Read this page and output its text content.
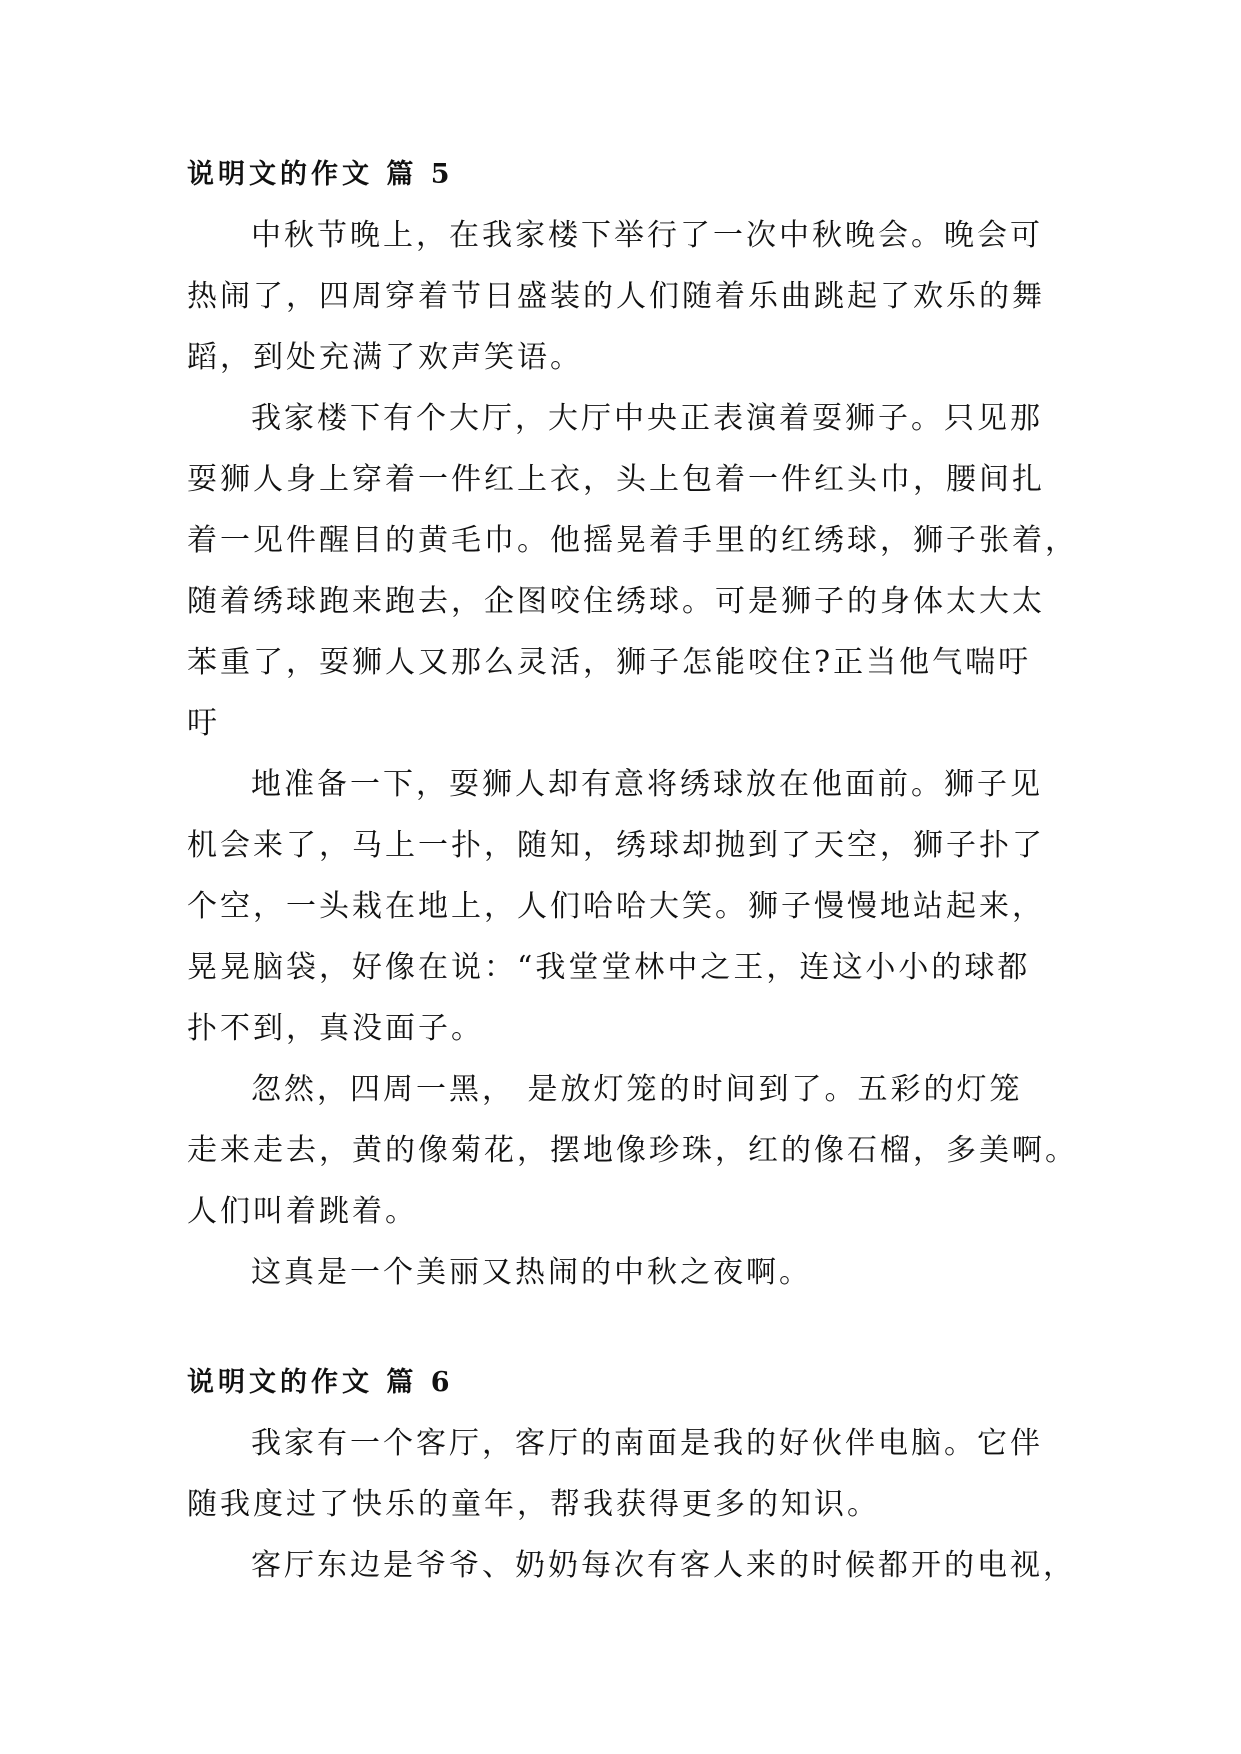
说明文的作文 篇 5

中秋节晚上，在我家楼下举行了一次中秋晚会。晚会可
热闹了，四周穿着节日盛装的人们随着乐曲跳起了欢乐的舞
蹈，到处充满了欢声笑语。

我家楼下有个大厅，大厅中央正表演着耍狮子。只见那
耍狮人身上穿着一件红上衣，头上包着一件红头巾，腰间扎
着一见件醒目的黄毛巾。他摇晃着手里的红绣球，狮子张着，
随着绣球跑来跑去，企图咬住绣球。可是狮子的身体太大太
苯重了，耍狮人又那么灵活，狮子怎能咬住?正当他气喘吁
吁

地准备一下，耍狮人却有意将绣球放在他面前。狮子见
机会来了，马上一扑，随知，绣球却抛到了天空，狮子扑了
个空，一头栽在地上，人们哈哈大笑。狮子慢慢地站起来，
晃晃脑袋，好像在说：“我堂堂林中之王，连这小小的球都
扑不到，真没面子。

忽然，四周一黑， 是放灯笼的时间到了。五彩的灯笼
走来走去，黄的像菊花，摆地像珍珠，红的像石榴，多美啊。
人们叫着跳着。

这真是一个美丽又热闹的中秋之夜啊。

说明文的作文 篇 6

我家有一个客厅，客厅的南面是我的好伙伴电脑。它伴
随我度过了快乐的童年，帮我获得更多的知识。

客厅东边是爷爷、奶奶每次有客人来的时候都开的电视，
